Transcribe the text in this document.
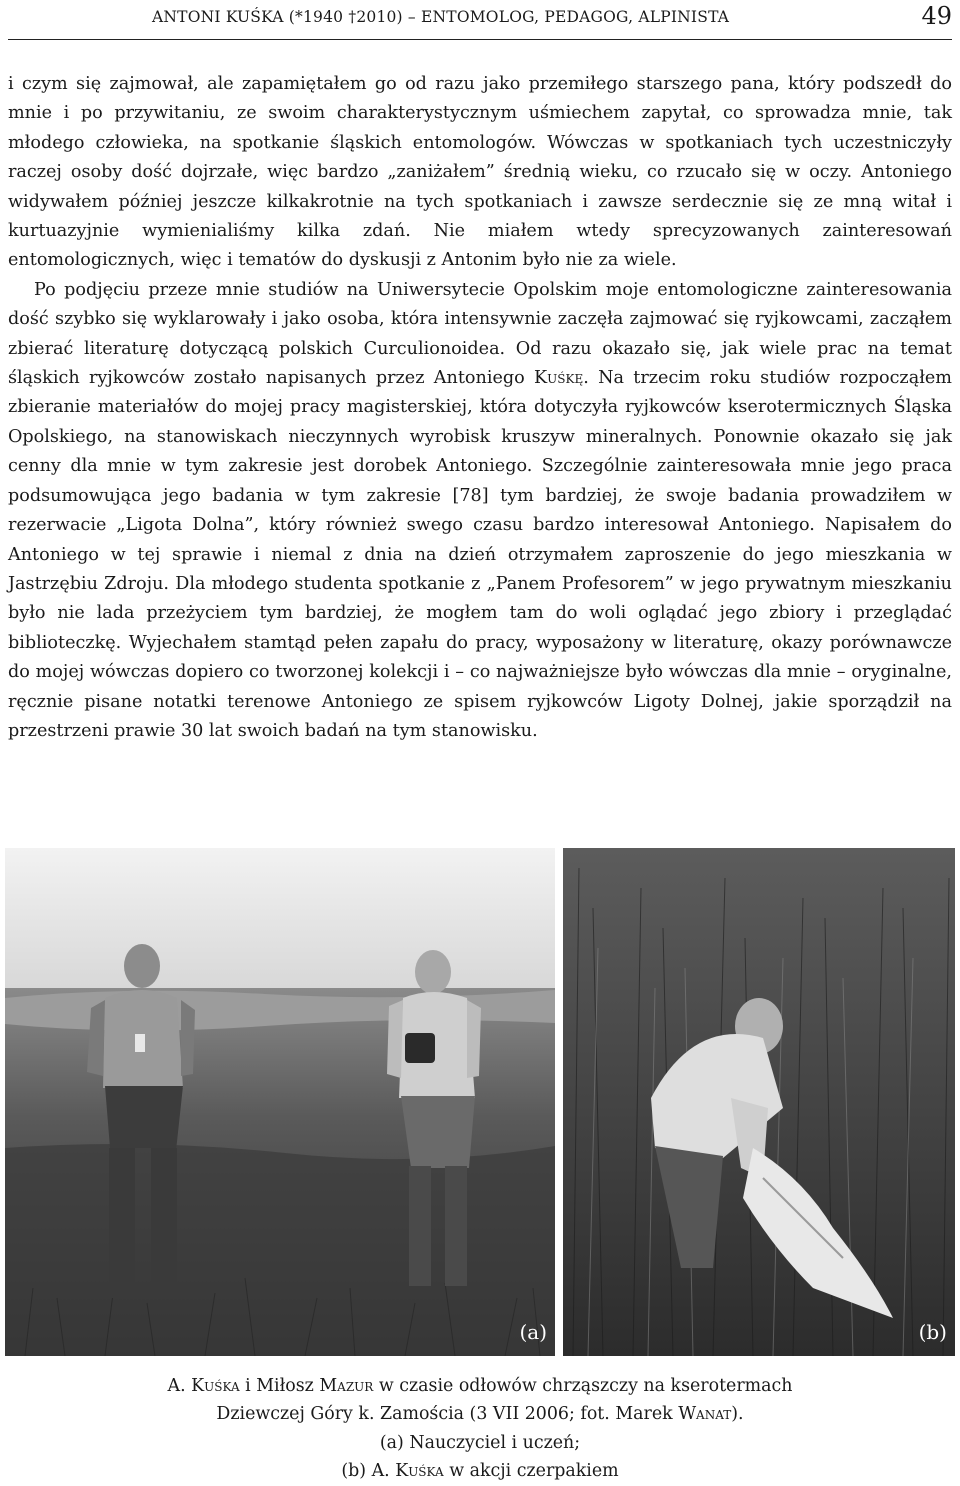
ANTONI KUŚKA (*1940 †2010) – ENTOMOLOG, PEDAGOG, ALPINISTA	49

i czym się zajmował, ale zapamiętałem go od razu jako przemiłego starszego pana, który podszedł do mnie i po przywitaniu, ze swoim charakterystycznym uśmiechem zapytał, co sprowadza mnie, tak młodego człowieka, na spotkanie śląskich entomologów. Wówczas w spotkaniach tych uczestniczyły raczej osoby dość dojrzałe, więc bardzo „zaniżałem” średnią wieku, co rzucało się w oczy. Antoniego widywałem później jeszcze kilkakrotnie na tych spotkaniach i zawsze serdecznie się ze mną witał i kurtuazyjnie wymienialiśmy kilka zdań. Nie miałem wtedy sprecyzowanych zainteresowań entomologicznych, więc i tematów do dyskusji z Antonim było nie za wiele.

Po podjęciu przeze mnie studiów na Uniwersytecie Opolskim moje entomologiczne zainteresowania dość szybko się wyklarowały i jako osoba, która intensywnie zaczęła zajmować się ryjkowcami, zacząłem zbierać literaturę dotyczącą polskich Curculionoidea. Od razu okazało się, jak wiele prac na temat śląskich ryjkowców zostało napisanych przez Antoniego Kuśkę. Na trzecim roku studiów rozpocząłem zbieranie materiałów do mojej pracy magisterskiej, która dotyczyła ryjkowców kserotermicznych Śląska Opolskiego, na stanowiskach nieczynnych wyrobisk kruszyw mineralnych. Ponownie okazało się jak cenny dla mnie w tym zakresie jest dorobek Antoniego. Szczególnie zainteresowała mnie jego praca podsumowująca jego badania w tym zakresie [78] tym bardziej, że swoje badania prowadziłem w rezerwacie „Ligota Dolna”, który również swego czasu bardzo interesował Antoniego. Napisałem do Antoniego w tej sprawie i niemal z dnia na dzień otrzymałem zaproszenie do jego mieszkania w Jastrzębiu Zdroju. Dla młodego studenta spotkanie z „Panem Profesorem” w jego prywatnym mieszkaniu było nie lada przeżyciem tym bardziej, że mogłem tam do woli oglądać jego zbiory i przeglądać biblioteczkę. Wyjechałem stamtąd pełen zapału do pracy, wyposażony w literaturę, okazy porównawcze do mojej wówczas dopiero co tworzonej kolekcji i – co najważniejsze było wówczas dla mnie – oryginalne, ręcznie pisane notatki terenowe Antoniego ze spisem ryjkowców Ligoty Dolnej, jakie sporządził na przestrzeni prawie 30 lat swoich badań na tym stanowisku.

(a)	(b)
A. Kuśka i Miłosz Mazur w czasie odłowów chrząszczy na kserotermach
Dziewczej Góry k. Zamościa (3 VII 2006; fot. Marek Wanat).
(a) Nauczyciel i uczeń;
(b) A. Kuśka w akcji czerpakiem
